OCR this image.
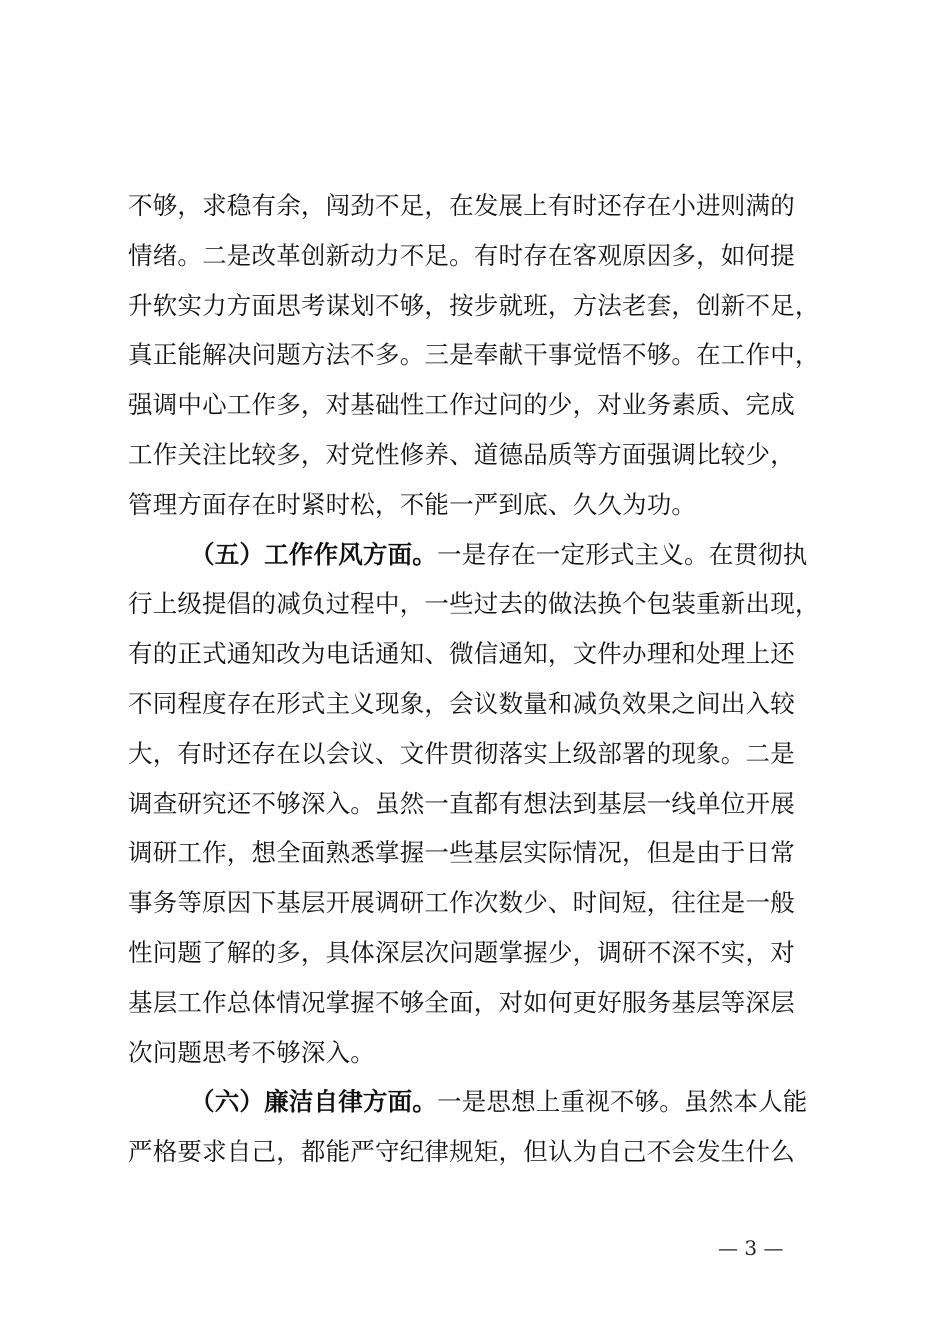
不够，求稳有余，闯劲不足，在发展上有时还存在小进则满的
情绪。二是改革创新动力不足。有时存在客观原因多，如何提
升软实力方面思考谋划不够，按步就班，方法老套，创新不足，
真正能解决问题方法不多。三是奉献干事觉悟不够。在工作中，
强调中心工作多，对基础性工作过问的少，对业务素质、完成
工作关注比较多，对党性修养、道德品质等方面强调比较少，
管理方面存在时紧时松，不能一严到底、久久为功。
（五）工作作风方面。一是存在一定形式主义。在贯彻执
行上级提倡的减负过程中，一些过去的做法换个包装重新出现，
有的正式通知改为电话通知、微信通知，文件办理和处理上还
不同程度存在形式主义现象，会议数量和减负效果之间出入较
大，有时还存在以会议、文件贯彻落实上级部署的现象。二是
调查研究还不够深入。虽然一直都有想法到基层一线单位开展
调研工作，想全面熟悉掌握一些基层实际情况，但是由于日常
事务等原因下基层开展调研工作次数少、时间短，往往是一般
性问题了解的多，具体深层次问题掌握少，调研不深不实，对
基层工作总体情况掌握不够全面，对如何更好服务基层等深层
次问题思考不够深入。
（六）廉洁自律方面。一是思想上重视不够。虽然本人能
严格要求自己，都能严守纪律规矩，但认为自己不会发生什么
— 3 —
